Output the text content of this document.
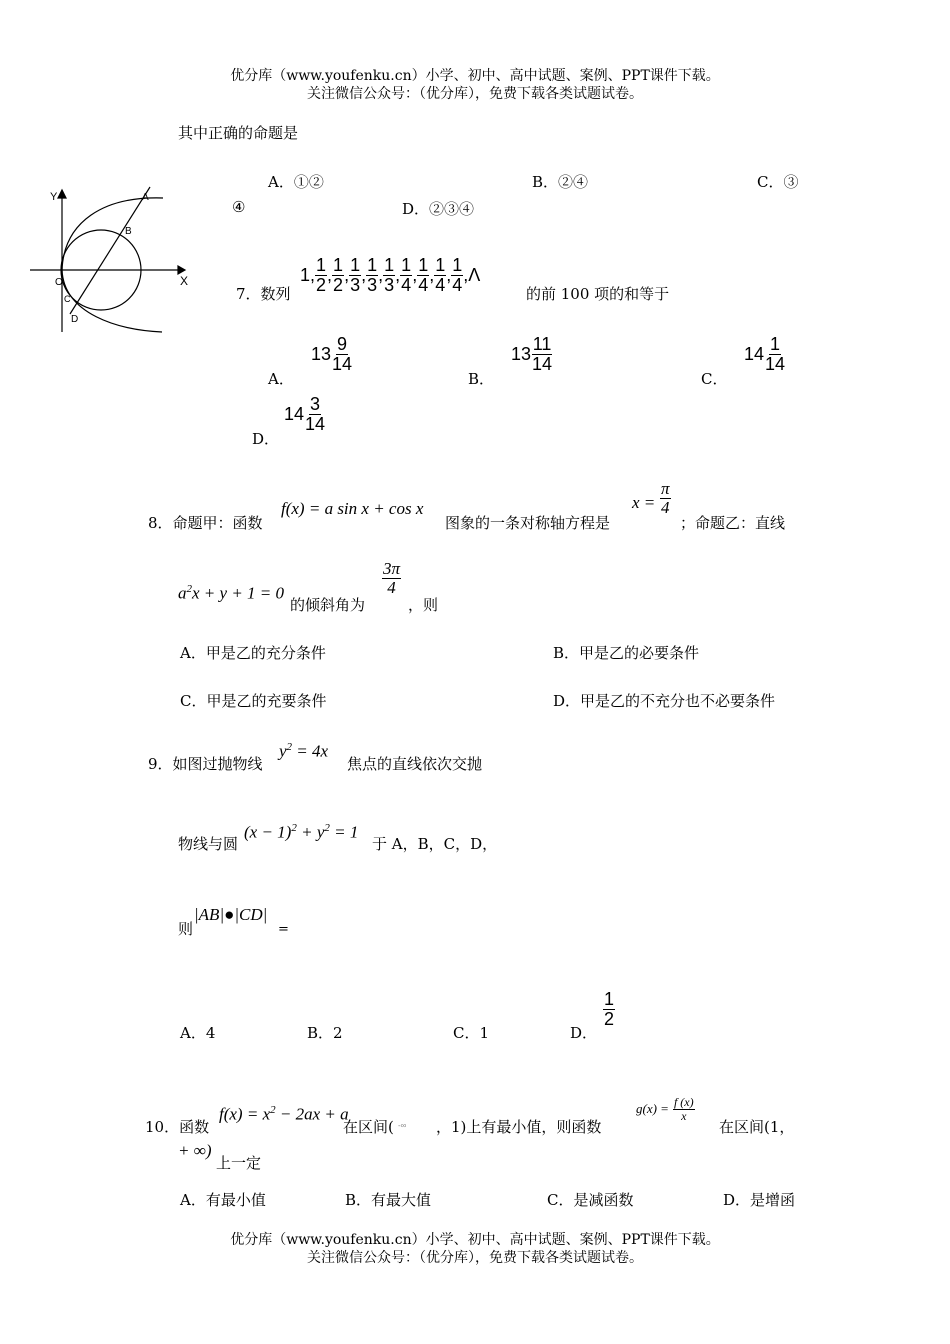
优分库（www.youfenku.cn）小学、初中、高中试题、案例、PPT课件下载。
关注微信公众号：（优分库），免费下载各类试题试卷。
其中正确的命题是
A．①②	B．②④	C．③
④	D．②③④
Y
X
A
B
C
D
O
7．数列
1, $\frac{1}{2}$ , $\frac{1}{2}$ , $\frac{1}{3}$ , $\frac{1}{3}$ , $\frac{1}{3}$ , $\frac{1}{4}$ , $\frac{1}{4}$ , $\frac{1}{4}$ , $\frac{1}{4} ,\Lambda$
的前 100 项的和等于
A．
$13 \frac{9}{14}$
B．
$13 \frac{11}{14}$
C．
$14 \frac{1}{14}$
D．
$14 \frac{3}{14}$
8．命题甲：函数
f(x) = a sin x + cos x
图象的一条对称轴方程是
$x = \frac{\pi}{4}$
；命题乙：直线
$a^2x + y + 1 = 0$
的倾斜角为
$\frac{3\pi}{4}$
，则
A．甲是乙的充分条件	B．甲是乙的必要条件
C．甲是乙的充要条件	D．甲是乙的不充分也不必要条件
9．如图过抛物线
$y^2 = 4x$
焦点的直线依次交抛
物线与圆
$(x - 1)^2 + y^2 = 1$
于 A，B，C，D，
则
|AB|●|CD|
=
A．4	B．2	C．1	D．
$\frac{1}{2}$
10．函数
$f(x) = x^2 - 2ax + a$
在区间( -∞ ，1)上有最小值，则函数
$g(x) = \frac{f (x)}{x}$
在区间(1，
+ ∞)
上一定
A．有最小值	B．有最大值	C．是减函数	D．是增函
优分库（www.youfenku.cn）小学、初中、高中试题、案例、PPT课件下载。
关注微信公众号：（优分库），免费下载各类试题试卷。
